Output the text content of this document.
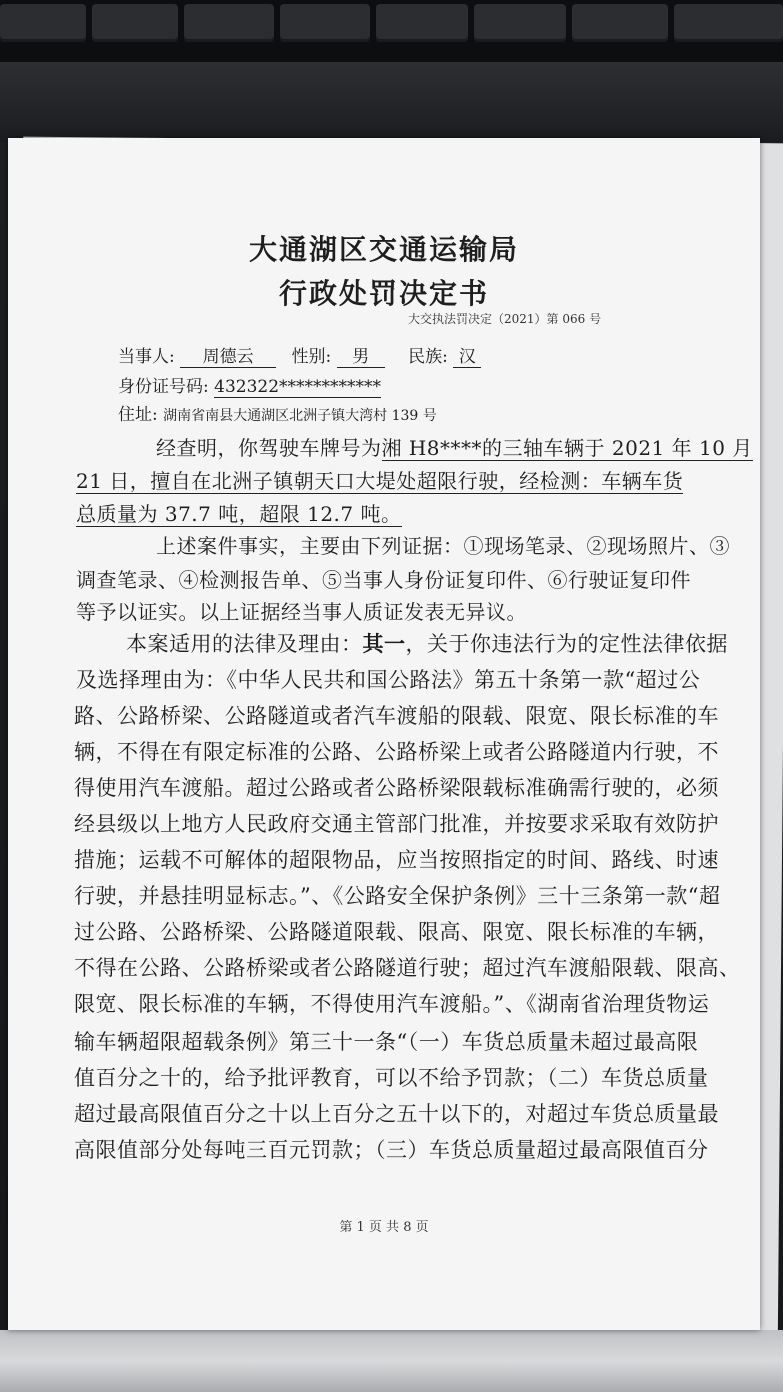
大通湖区交通运输局
行政处罚决定书
大交执法罚决定（2021）第 066 号
当事人: 周德云 性别: 男 民族: 汉
身份证号码: 432322************
住址: 湖南省南县大通湖区北洲子镇大湾村 139 号
经查明，你驾驶车牌号为湘 H8****的三轴车辆于 2021 年 10 月
21 日，擅自在北洲子镇朝天口大堤处超限行驶，经检测：车辆车货
总质量为 37.7 吨，超限 12.7 吨。
上述案件事实，主要由下列证据：①现场笔录、②现场照片、③
调查笔录、④检测报告单、⑤当事人身份证复印件、⑥行驶证复印件
等予以证实。以上证据经当事人质证发表无异议。
本案适用的法律及理由：其一，关于你违法行为的定性法律依据
及选择理由为：《中华人民共和国公路法》第五十条第一款“超过公
路、公路桥梁、公路隧道或者汽车渡船的限载、限宽、限长标准的车
辆，不得在有限定标准的公路、公路桥梁上或者公路隧道内行驶，不
得使用汽车渡船。超过公路或者公路桥梁限载标准确需行驶的，必须
经县级以上地方人民政府交通主管部门批准，并按要求采取有效防护
措施；运载不可解体的超限物品，应当按照指定的时间、路线、时速
行驶，并悬挂明显标志。”、《公路安全保护条例》三十三条第一款“超
过公路、公路桥梁、公路隧道限载、限高、限宽、限长标准的车辆，
不得在公路、公路桥梁或者公路隧道行驶；超过汽车渡船限载、限高、
限宽、限长标准的车辆，不得使用汽车渡船。”、《湖南省治理货物运
输车辆超限超载条例》第三十一条“（一）车货总质量未超过最高限
值百分之十的，给予批评教育，可以不给予罚款；（二）车货总质量
超过最高限值百分之十以上百分之五十以下的，对超过车货总质量最
高限值部分处每吨三百元罚款；（三）车货总质量超过最高限值百分
第 1 页 共 8 页
